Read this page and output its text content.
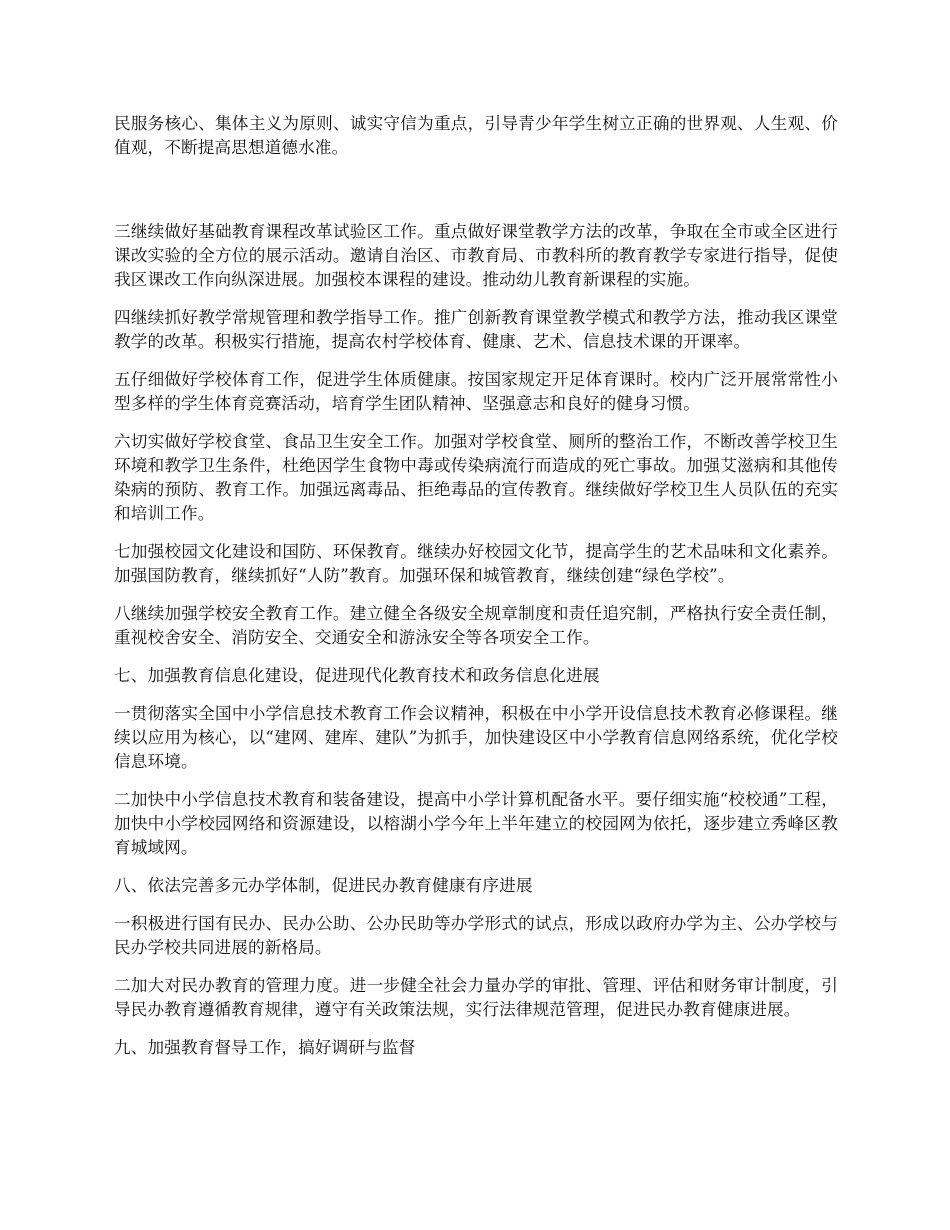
民服务核心、集体主义为原则、诚实守信为重点，引导青少年学生树立正确的世界观、人生观、价值观，不断提高思想道德水准。

三继续做好基础教育课程改革试验区工作。重点做好课堂教学方法的改革，争取在全市或全区进行课改实验的全方位的展示活动。邀请自治区、市教育局、市教科所的教育教学专家进行指导，促使我区课改工作向纵深进展。加强校本课程的建设。推动幼儿教育新课程的实施。

四继续抓好教学常规管理和教学指导工作。推广创新教育课堂教学模式和教学方法，推动我区课堂教学的改革。积极实行措施，提高农村学校体育、健康、艺术、信息技术课的开课率。

五仔细做好学校体育工作，促进学生体质健康。按国家规定开足体育课时。校内广泛开展常常性小型多样的学生体育竞赛活动，培育学生团队精神、坚强意志和良好的健身习惯。

六切实做好学校食堂、食品卫生安全工作。加强对学校食堂、厕所的整治工作，不断改善学校卫生环境和教学卫生条件，杜绝因学生食物中毒或传染病流行而造成的死亡事故。加强艾滋病和其他传染病的预防、教育工作。加强远离毒品、拒绝毒品的宣传教育。继续做好学校卫生人员队伍的充实和培训工作。

七加强校园文化建设和国防、环保教育。继续办好校园文化节，提高学生的艺术品味和文化素养。加强国防教育，继续抓好“人防”教育。加强环保和城管教育，继续创建“绿色学校”。

八继续加强学校安全教育工作。建立健全各级安全规章制度和责任追究制，严格执行安全责任制，重视校舍安全、消防安全、交通安全和游泳安全等各项安全工作。

七、加强教育信息化建设，促进现代化教育技术和政务信息化进展

一贯彻落实全国中小学信息技术教育工作会议精神，积极在中小学开设信息技术教育必修课程。继续以应用为核心，以“建网、建库、建队”为抓手，加快建设区中小学教育信息网络系统，优化学校信息环境。

二加快中小学信息技术教育和装备建设，提高中小学计算机配备水平。要仔细实施“校校通”工程，加快中小学校园网络和资源建设，以榕湖小学今年上半年建立的校园网为依托，逐步建立秀峰区教育城域网。

八、依法完善多元办学体制，促进民办教育健康有序进展

一积极进行国有民办、民办公助、公办民助等办学形式的试点，形成以政府办学为主、公办学校与民办学校共同进展的新格局。

二加大对民办教育的管理力度。进一步健全社会力量办学的审批、管理、评估和财务审计制度，引导民办教育遵循教育规律，遵守有关政策法规，实行法律规范管理，促进民办教育健康进展。

九、加强教育督导工作，搞好调研与监督
